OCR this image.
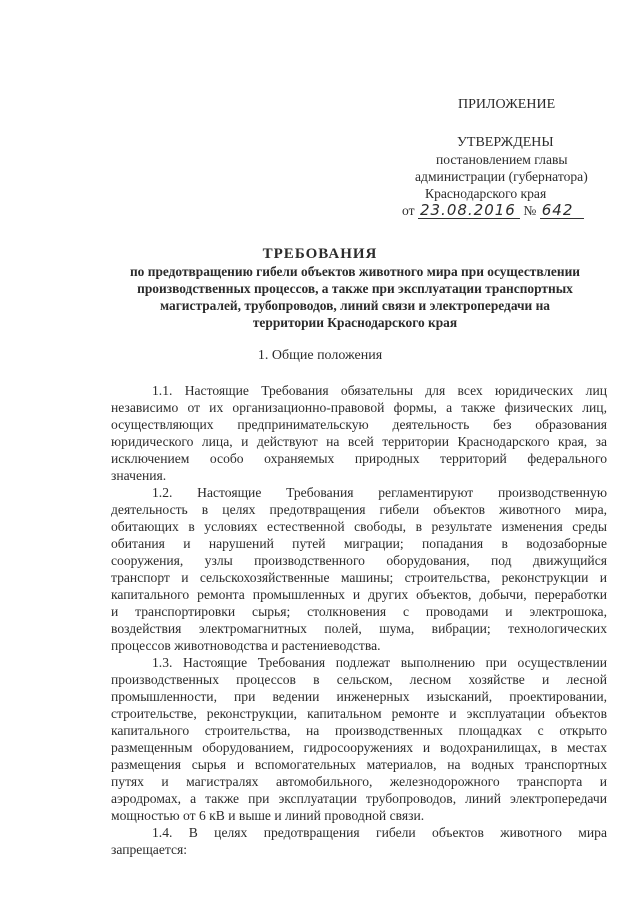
ПРИЛОЖЕНИЕ
УТВЕРЖДЕНЫ
постановлением главы
администрации (губернатора)
Краснодарского края
от 23.08.2016 № 642
ТРЕБОВАНИЯ
по предотвращению гибели объектов животного мира при осуществлении
производственных процессов, а также при эксплуатации транспортных
магистралей, трубопроводов, линий связи и электропередачи на
территории Краснодарского края
1. Общие положения
1.1. Настоящие Требования обязательны для всех юридических лиц
независимо от их организационно-правовой формы, а также физических лиц,
осуществляющих предпринимательскую деятельность без образования
юридического лица, и действуют на всей территории Краснодарского края, за
исключением особо охраняемых природных территорий федерального
значения.
1.2. Настоящие Требования регламентируют производственную
деятельность в целях предотвращения гибели объектов животного мира,
обитающих в условиях естественной свободы, в результате изменения среды
обитания и нарушений путей миграции; попадания в водозаборные
сооружения, узлы производственного оборудования, под движущийся
транспорт и сельскохозяйственные машины; строительства, реконструкции и
капитального ремонта промышленных и других объектов, добычи, переработки
и транспортировки сырья; столкновения с проводами и электрошока,
воздействия электромагнитных полей, шума, вибрации; технологических
процессов животноводства и растениеводства.
1.3. Настоящие Требования подлежат выполнению при осуществлении
производственных процессов в сельском, лесном хозяйстве и лесной
промышленности, при ведении инженерных изысканий, проектировании,
строительстве, реконструкции, капитальном ремонте и эксплуатации объектов
капитального строительства, на производственных площадках с открыто
размещенным оборудованием, гидросооружениях и водохранилищах, в местах
размещения сырья и вспомогательных материалов, на водных транспортных
путях и магистралях автомобильного, железнодорожного транспорта и
аэродромах, а также при эксплуатации трубопроводов, линий электропередачи
мощностью от 6 кВ и выше и линий проводной связи.
1.4. В целях предотвращения гибели объектов животного мира
запрещается:
